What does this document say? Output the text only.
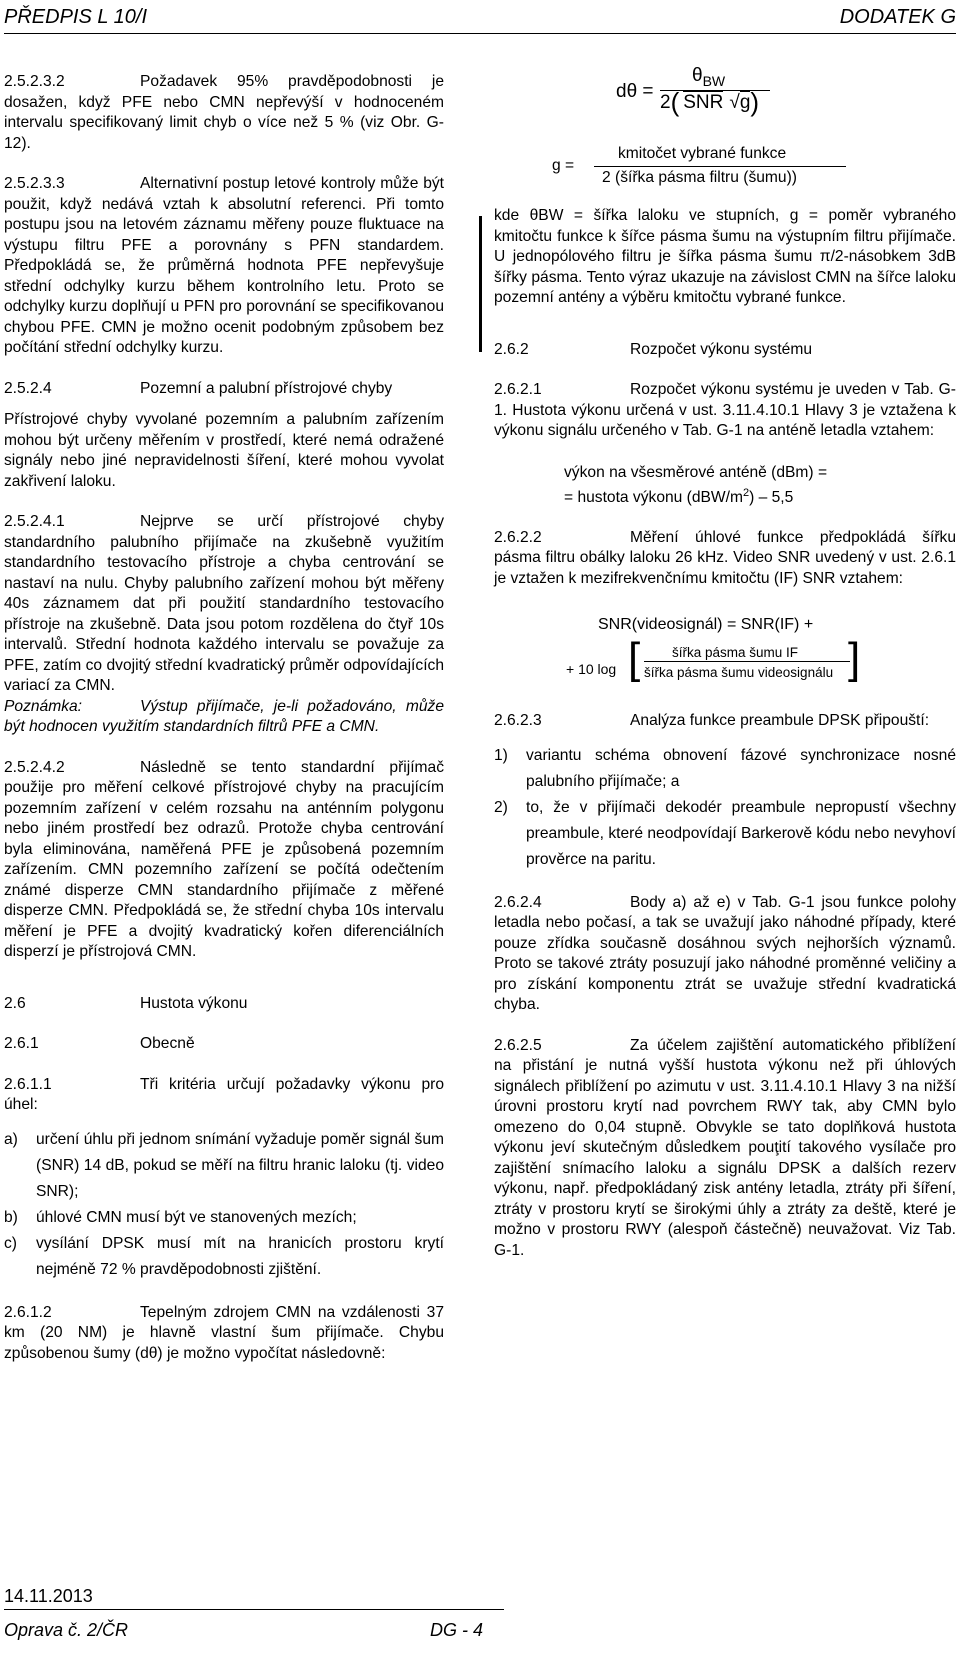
PŘEDPIS L 10/I	DODATEK G

2.5.2.3.2	Požadavek 95% pravděpodobnosti je dosažen, když PFE nebo CMN nepřevýší v hodnoceném intervalu specifikovaný limit chyb o více než 5 % (viz Obr. G-12).

2.5.2.3.3	Alternativní postup letové kontroly může být použit, když nedává vztah k absolutní referenci. Při tomto postupu jsou na letovém záznamu měřeny pouze fluktuace na výstupu filtru PFE a porovnány s PFN standardem. Předpokládá se, že průměrná hodnota PFE nepřevyšuje střední odchylky kurzu během kontrolního letu. Proto se odchylky kurzu doplňují u PFN pro porovnání se specifikovanou chybou PFE. CMN je možno ocenit podobným způsobem bez počítání střední odchylky kurzu.

2.5.2.4	Pozemní a palubní přístrojové chyby

Přístrojové chyby vyvolané pozemním a palubním zařízením mohou být určeny měřením v prostředí, které nemá odražené signály nebo jiné nepravidelnosti šíření, které mohou vyvolat zakřivení laloku.

2.5.2.4.1	Nejprve se určí přístrojové chyby standardního palubního přijímače na zkušebně využitím standardního testovacího přístroje a chyba centrování se nastaví na nulu. Chyby palubního zařízení mohou být měřeny 40s záznamem dat při použití standardního testovacího přístroje na zkušebně. Data jsou potom rozdělena do čtyř 10s intervalů. Střední hodnota každého intervalu se považuje za PFE, zatím co dvojitý střední kvadratický průměr odpovídajících variací za CMN.

Poznámka:	Výstup přijímače, je-li požadováno, může být hodnocen využitím standardních filtrů PFE a CMN.

2.5.2.4.2	Následně se tento standardní přijímač použije pro měření celkové přístrojové chyby na pracujícím pozemním zařízení v celém rozsahu na anténním polygonu nebo jiném prostředí bez odrazů. Protože chyba centrování byla eliminována, naměřená PFE je způsobená pozemním zařízením. CMN pozemního zařízení se počítá odečtením známé disperze CMN standardního přijímače z měřené disperze CMN. Předpokládá se, že střední chyba 10s intervalu měření je PFE a dvojitý kvadratický kořen diferenciálních disperzí je přístrojová CMN.

2.6	Hustota výkonu

2.6.1	Obecně

2.6.1.1	Tři kritéria určují požadavky výkonu pro úhel:

a)	určení úhlu při jednom snímání vyžaduje poměr signál šum (SNR) 14 dB, pokud se měří na filtru hranic laloku (tj. video SNR);
b)	úhlové CMN musí být ve stanovených mezích;
c)	vysílání DPSK musí mít na hranicích prostoru krytí nejméně 72 % pravděpodobnosti zjištění.

2.6.1.2	Tepelným zdrojem CMN na vzdálenosti 37 km (20 NM) je hlavně vlastní šum přijímače. Chybu způsobenou šumy (dθ) je možno vypočítat následovně:

dθ =
$\theta_{BW}$
2( SNR √g)
g =
kmitočet vybrané funkce
2 (šířka pásma filtru (šumu))

kde θBW = šířka laloku ve stupních, g = poměr vybraného kmitočtu funkce k šířce pásma šumu na výstupním filtru přijímače. U jednopólového filtru je šířka pásma šumu π/2-násobkem 3dB šířky pásma. Tento výraz ukazuje na závislost CMN na šířce laloku pozemní antény a výběru kmitočtu vybrané funkce.

2.6.2	Rozpočet výkonu systému

2.6.2.1	Rozpočet výkonu systému je uveden v Tab. G-1. Hustota výkonu určená v ust. 3.11.4.10.1 Hlavy 3 je vztažena k výkonu signálu určeného v Tab. G-1 na anténě letadla vztahem:

výkon na všesměrové anténě (dBm) =
= hustota výkonu $(dBW/m^2) - 5,5$

2.6.2.2	Měření úhlové funkce předpokládá šířku pásma filtru obálky laloku 26 kHz. Video SNR uvedený v ust. 2.6.1 je vztažen k mezifrekvenčnímu kmitočtu (IF) SNR vztahem:

SNR(videosignál) = SNR(IF) +
+ 10 log [ šířka pásma šumu IF
šířka pásma šumu videosignálu ]

2.6.2.3	Analýza funkce preambule DPSK připouští:

1)	variantu schéma obnovení fázové synchronizace nosné palubního přijímače; a
2)	to, že v přijímači dekodér preambule nepropustí všechny preambule, které neodpovídají Barkerově kódu nebo nevyhoví prověrce na paritu.

2.6.2.4	Body a) až e) v Tab. G-1 jsou funkce polohy letadla nebo počasí, a tak se uvažují jako náhodné případy, které pouze zřídka současně dosáhnou svých nejhorších významů. Proto se takové ztráty posuzují jako náhodné proměnné veličiny a pro získání komponentu ztrát se uvažuje střední kvadratická chyba.

2.6.2.5	Za účelem zajištění automatického přiblížení na přistání je nutná vyšší hustota výkonu než při úhlových signálech přiblížení po azimutu v ust. 3.11.4.10.1 Hlavy 3 na nižší úrovni prostoru krytí nad povrchem RWY tak, aby CMN bylo omezeno do 0,04 stupně. Obvykle se tato doplňková hustota výkonu jeví skutečným důsledkem pouţití takového vysílače pro zajištění snímacího laloku a signálu DPSK a dalších rezerv výkonu, např. předpokládaný zisk antény letadla, ztráty při šíření, ztráty v prostoru krytí se širokými úhly a ztráty za deště, které je možno v prostoru RWY (alespoň částečně) neuvažovat. Viz Tab. G-1.

14.11.2013
Oprava č. 2/ČR	DG - 4
